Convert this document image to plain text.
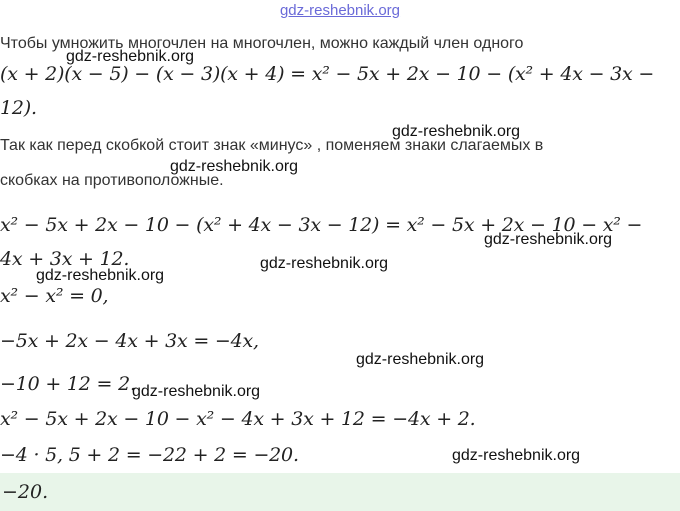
gdz-reshebnik.org
Чтобы умножить многочлен на многочлен, можно каждый член одного
(x + 2)(x − 5) − (x − 3)(x + 4) = x² − 5x + 2x − 10 − (x² + 4x − 3x −
12).
Так как перед скобкой стоит знак «минус» , поменяем знаки слагаемых в
скобках на противоположные.
x² − 5x + 2x − 10 − (x² + 4x − 3x − 12) = x² − 5x + 2x − 10 − x² −
4x + 3x + 12.
x² − x² = 0,
−5x + 2x − 4x + 3x = −4x,
−10 + 12 = 2.
x² − 5x + 2x − 10 − x² − 4x + 3x + 12 = −4x + 2.
−4 · 5, 5 + 2 = −22 + 2 = −20.
−20.
gdz-reshebnik.org
gdz-reshebnik.org
gdz-reshebnik.org
gdz-reshebnik.org
gdz-reshebnik.org
gdz-reshebnik.org
gdz-reshebnik.org
gdz-reshebnik.org
gdz-reshebnik.org
